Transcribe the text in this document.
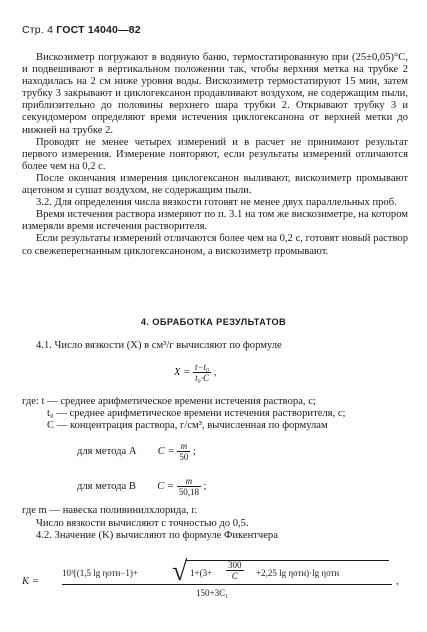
Стр. 4 ГОСТ 14040—82

Вискозиметр погружают в водяную баню, термостатированную при (25±0,05)°С, и подвешивают в вертикальном положении так, чтобы верхняя метка на трубке 2 находилась на 2 см ниже уровня воды. Вискозиметр термостатируют 15 мин, затем трубку 3 закрывают и циклогексанон продавливают воздухом, не содержащим пыли, приблизительно до половины верхнего шара трубки 2. Открывают трубку 3 и секундомером определяют время истечения циклогексанона от верхней метки до нижней на трубке 2.

Проводят не менее четырех измерений и в расчет не принимают результат первого измерения. Измерение повторяют, если результаты измерений отличаются более чем на 0,2 с.

После окончания измерения циклогексанон выливают, вискозиметр промывают ацетоном и сушат воздухом, не содержащим пыли.

3.2. Для определения числа вязкости готовят не менее двух параллельных проб.

Время истечения раствора измеряют по п. 3.1 на том же вискозиметре, на котором измеряли время истечения растворителя.

Если результаты измерений отличаются более чем на 0,2 с, готовят новый раствор со свежеперегнанным циклогексаноном, а вискозиметр промывают.

4. ОБРАБОТКА РЕЗУЛЬТАТОВ
4.1. Число вязкости (X) в см³/г вычисляют по формуле
$X = \frac{\text{t−t₀}}{\text{t₀·C}}$ ,
где: t — среднее арифметическое времени истечения раствора, с;
t₀ — среднее арифметическое времени истечения растворителя, с;
C — концентрация раствора, г/см³, вычисленная по формулам
для метода А $C = \frac{m}{50}$ ;
для метода В $C = \frac{m}{50,18}$ ;
где m — навеска поливинилхлорида, г.
Число вязкости вычисляют с точностью до 0,5.
4.2. Значение (K) вычисляют по формуле Фикентчера
K =
10³[(1,5 lg ηотн−1)+ √ $1+(3+ \frac{300}{C} +2,25$ lg ηотн)·lg ηотн
150+3C₁
,
